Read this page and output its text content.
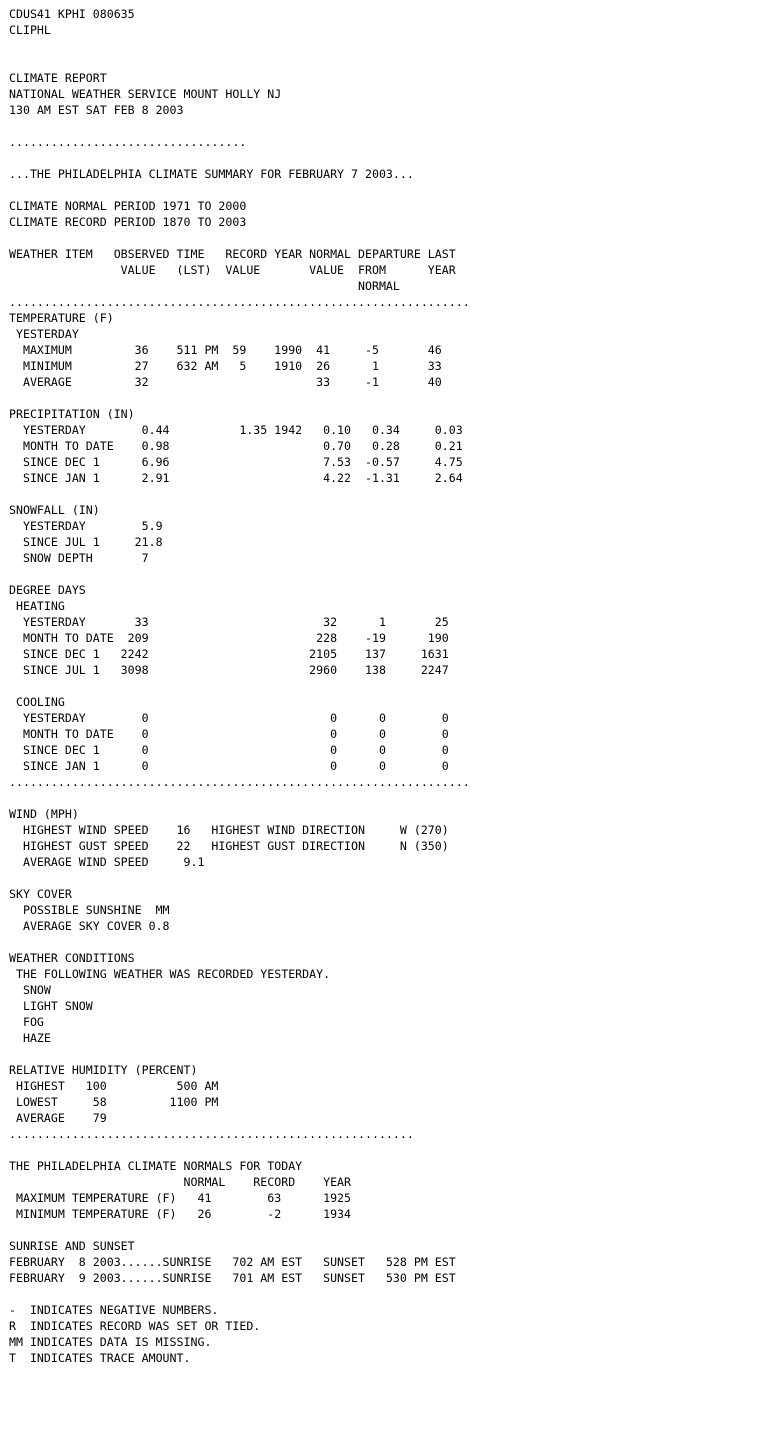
CDUS41 KPHI 080635
CLIPHL
CLIMATE REPORT
NATIONAL WEATHER SERVICE MOUNT HOLLY NJ
130 AM EST SAT FEB 8 2003
..................................
...THE PHILADELPHIA CLIMATE SUMMARY FOR FEBRUARY 7 2003...
CLIMATE NORMAL PERIOD 1971 TO 2000
CLIMATE RECORD PERIOD 1870 TO 2003
WEATHER ITEM   OBSERVED TIME   RECORD YEAR NORMAL DEPARTURE LAST
VALUE   (LST)  VALUE       VALUE  FROM      YEAR
NORMAL
..................................................................
TEMPERATURE (F)
YESTERDAY
MAXIMUM         36    511 PM  59    1990  41     -5       46
MINIMUM         27    632 AM   5    1910  26      1       33
AVERAGE         32                        33     -1       40
PRECIPITATION (IN)
YESTERDAY        0.44          1.35 1942   0.10   0.34     0.03
MONTH TO DATE    0.98                      0.70   0.28     0.21
SINCE DEC 1      6.96                      7.53  -0.57     4.75
SINCE JAN 1      2.91                      4.22  -1.31     2.64
SNOWFALL (IN)
YESTERDAY        5.9
SINCE JUL 1     21.8
SNOW DEPTH       7
DEGREE DAYS
HEATING
YESTERDAY       33                         32      1       25
MONTH TO DATE  209                        228    -19      190
SINCE DEC 1   2242                       2105    137     1631
SINCE JUL 1   3098                       2960    138     2247
COOLING
YESTERDAY        0                          0      0        0
MONTH TO DATE    0                          0      0        0
SINCE DEC 1      0                          0      0        0
SINCE JAN 1      0                          0      0        0
..................................................................
WIND (MPH)
HIGHEST WIND SPEED    16   HIGHEST WIND DIRECTION     W (270)
HIGHEST GUST SPEED    22   HIGHEST GUST DIRECTION     N (350)
AVERAGE WIND SPEED     9.1
SKY COVER
POSSIBLE SUNSHINE  MM
AVERAGE SKY COVER 0.8
WEATHER CONDITIONS
THE FOLLOWING WEATHER WAS RECORDED YESTERDAY.
SNOW
LIGHT SNOW
FOG
HAZE
RELATIVE HUMIDITY (PERCENT)
HIGHEST   100          500 AM
LOWEST     58         1100 PM
AVERAGE    79
..........................................................
THE PHILADELPHIA CLIMATE NORMALS FOR TODAY
NORMAL    RECORD    YEAR
MAXIMUM TEMPERATURE (F)   41        63      1925
MINIMUM TEMPERATURE (F)   26        -2      1934
SUNRISE AND SUNSET
FEBRUARY  8 2003......SUNRISE   702 AM EST   SUNSET   528 PM EST
FEBRUARY  9 2003......SUNRISE   701 AM EST   SUNSET   530 PM EST
-  INDICATES NEGATIVE NUMBERS.
R  INDICATES RECORD WAS SET OR TIED.
MM INDICATES DATA IS MISSING.
T  INDICATES TRACE AMOUNT.
